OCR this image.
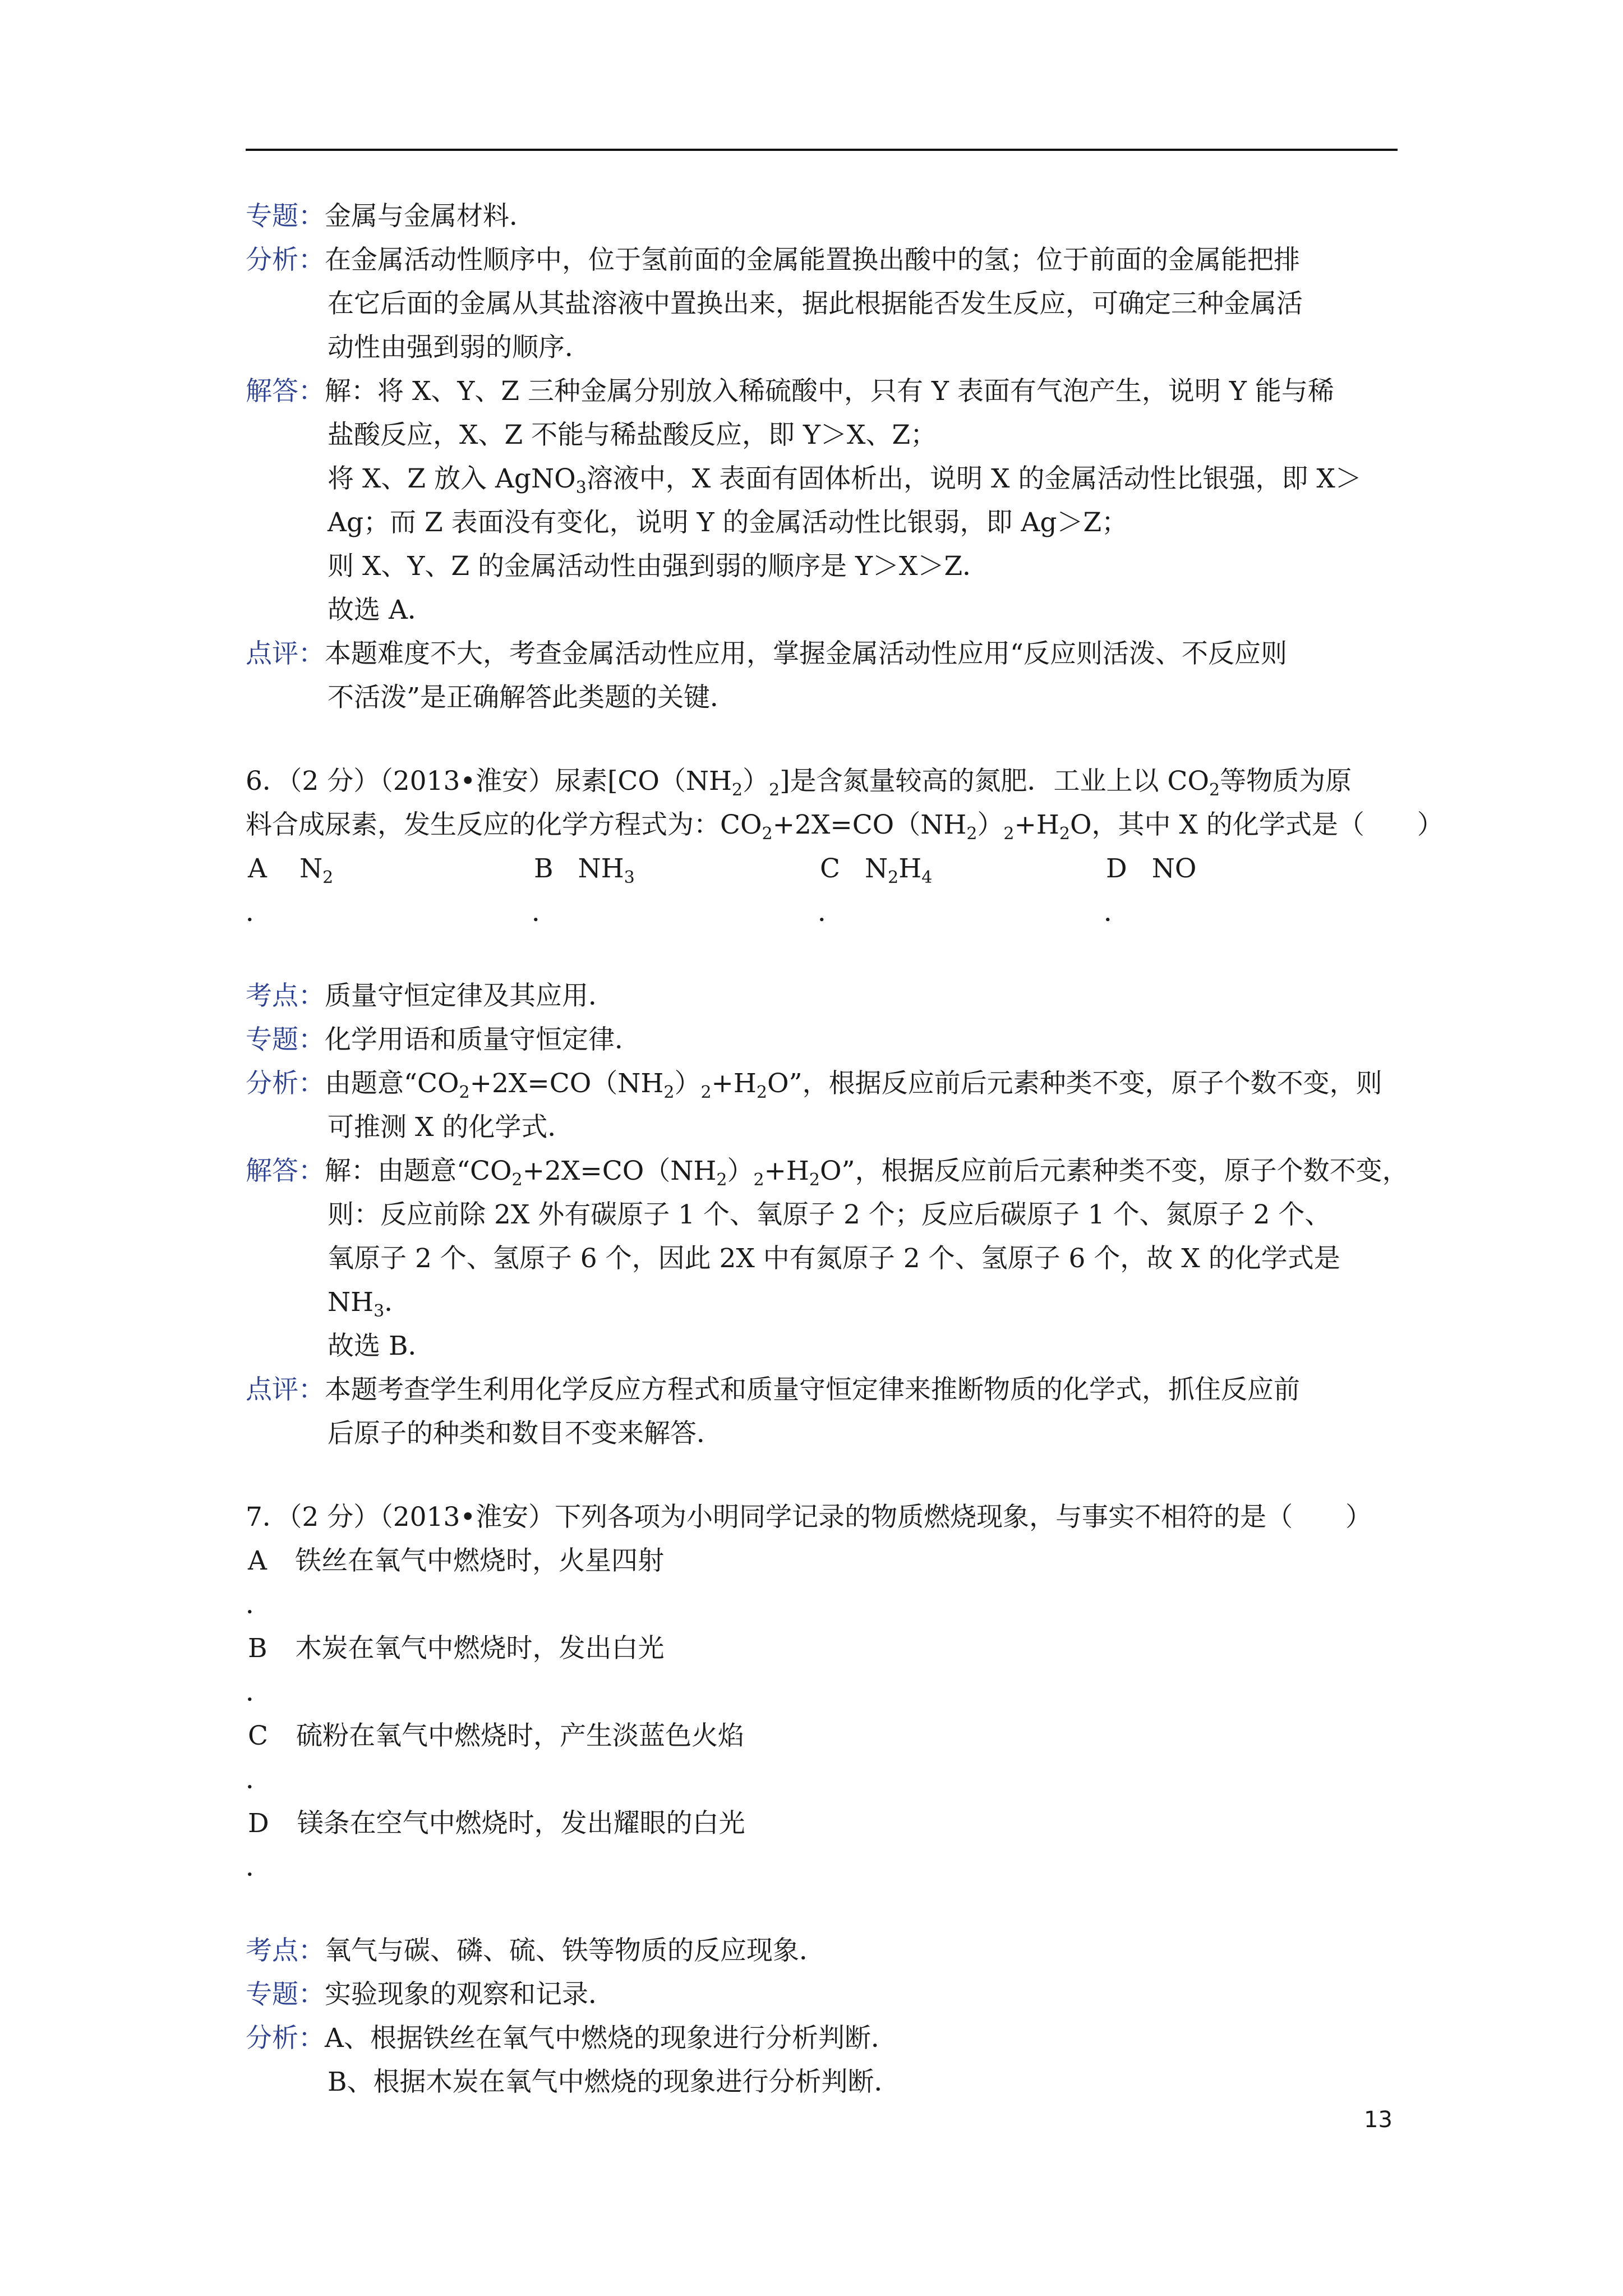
专题：金属与金属材料．
分析：在金属活动性顺序中，位于氢前面的金属能置换出酸中的氢；位于前面的金属能把排
在它后面的金属从其盐溶液中置换出来，据此根据能否发生反应，可确定三种金属活
动性由强到弱的顺序．
解答：解：将 X、Y、Z 三种金属分别放入稀硫酸中，只有 Y 表面有气泡产生，说明 Y 能与稀
盐酸反应，X、Z 不能与稀盐酸反应，即 Y＞X、Z；
将 X、Z 放入 AgNO$_3$溶液中，X 表面有固体析出，说明 X 的金属活动性比银强，即 X＞
Ag；而 Z 表面没有变化，说明 Y 的金属活动性比银弱，即 Ag＞Z；
则 X、Y、Z 的金属活动性由强到弱的顺序是 Y＞X＞Z．
故选 A．
点评：本题难度不大，考查金属活动性应用，掌握金属活动性应用“反应则活泼、不反应则
不活泼”是正确解答此类题的关键．
6．（2 分）（2013•淮安）尿素$[CO(NH_2)_2]$是含氮量较高的氮肥．工业上以 $CO_2$等物质为原
料合成尿素，发生反应的化学方程式为：$CO_2+2X=CO(NH_2)_2+H_2O$，其中 X 的化学式是（　　）
A $N_2$	B $NH_3$	C $N_2H_4$	D NO
．	．	．	．
考点：质量守恒定律及其应用．
专题：化学用语和质量守恒定律．
分析：由题意“$CO_2+2X=CO(NH_2)_2+H_2O$”，根据反应前后元素种类不变，原子个数不变，则
可推测 X 的化学式．
解答：解：由题意“$CO_2+2X=CO(NH_2)_2+H_2O$”，根据反应前后元素种类不变，原子个数不变，
则：反应前除 2X 外有碳原子 1 个、氧原子 2 个；反应后碳原子 1 个、氮原子 2 个、
氧原子 2 个、氢原子 6 个，因此 2X 中有氮原子 2 个、氢原子 6 个，故 X 的化学式是
$NH_3$．
故选 B．
点评：本题考查学生利用化学反应方程式和质量守恒定律来推断物质的化学式，抓住反应前
后原子的种类和数目不变来解答．
7．（2 分）（2013•淮安）下列各项为小明同学记录的物质燃烧现象，与事实不相符的是（　　）
A 铁丝在氧气中燃烧时，火星四射
．
B 木炭在氧气中燃烧时，发出白光
．
C 硫粉在氧气中燃烧时，产生淡蓝色火焰
．
D 镁条在空气中燃烧时，发出耀眼的白光
．
考点：氧气与碳、磷、硫、铁等物质的反应现象．
专题：实验现象的观察和记录．
分析：A、根据铁丝在氧气中燃烧的现象进行分析判断．
B、根据木炭在氧气中燃烧的现象进行分析判断．
13
